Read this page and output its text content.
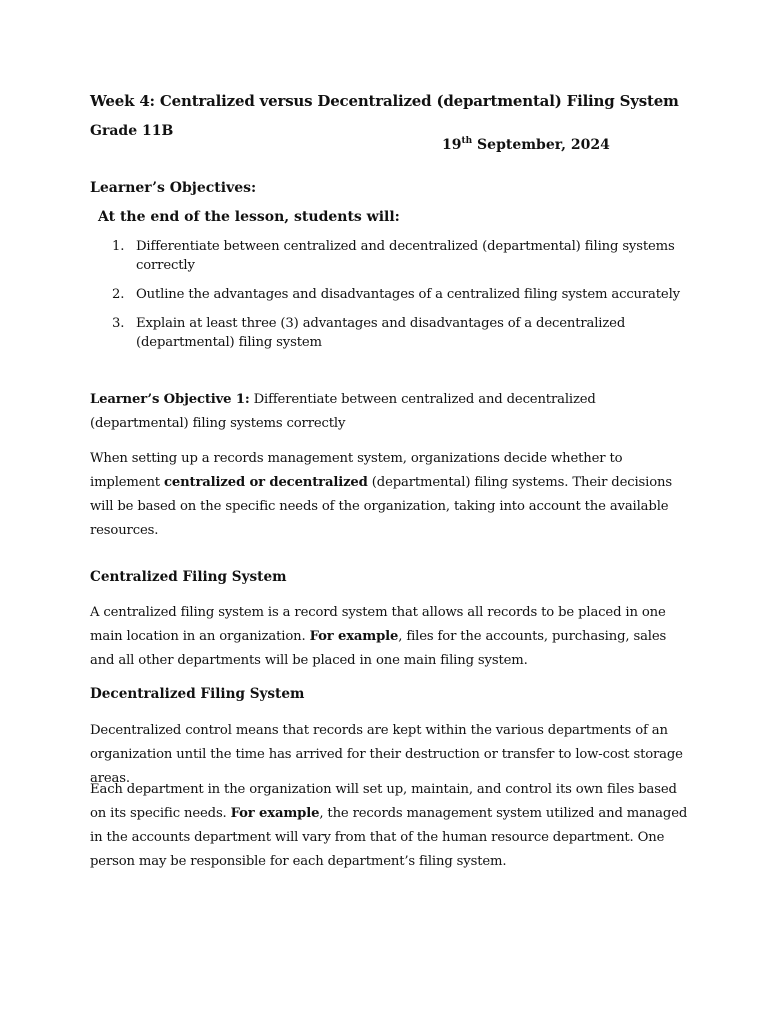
Week 4: Centralized versus Decentralized (departmental) Filing System

Grade 11B

19th September, 2024

Learner’s Objectives:

At the end of the lesson, students will:

1. Differentiate between centralized and decentralized (departmental) filing systems correctly
2. Outline the advantages and disadvantages of a centralized filing system accurately
3. Explain at least three (3) advantages and disadvantages of a decentralized (departmental) filing system

Learner’s Objective 1: Differentiate between centralized and decentralized (departmental) filing systems correctly

When setting up a records management system, organizations decide whether to implement centralized or decentralized (departmental) filing systems. Their decisions will be based on the specific needs of the organization, taking into account the available resources.

Centralized Filing System

A centralized filing system is a record system that allows all records to be placed in one main location in an organization. For example, files for the accounts, purchasing, sales and all other departments will be placed in one main filing system.

Decentralized Filing System

Decentralized control means that records are kept within the various departments of an organization until the time has arrived for their destruction or transfer to low-cost storage areas.

Each department in the organization will set up, maintain, and control its own files based on its specific needs. For example, the records management system utilized and managed in the accounts department will vary from that of the human resource department. One person may be responsible for each department’s filing system.
